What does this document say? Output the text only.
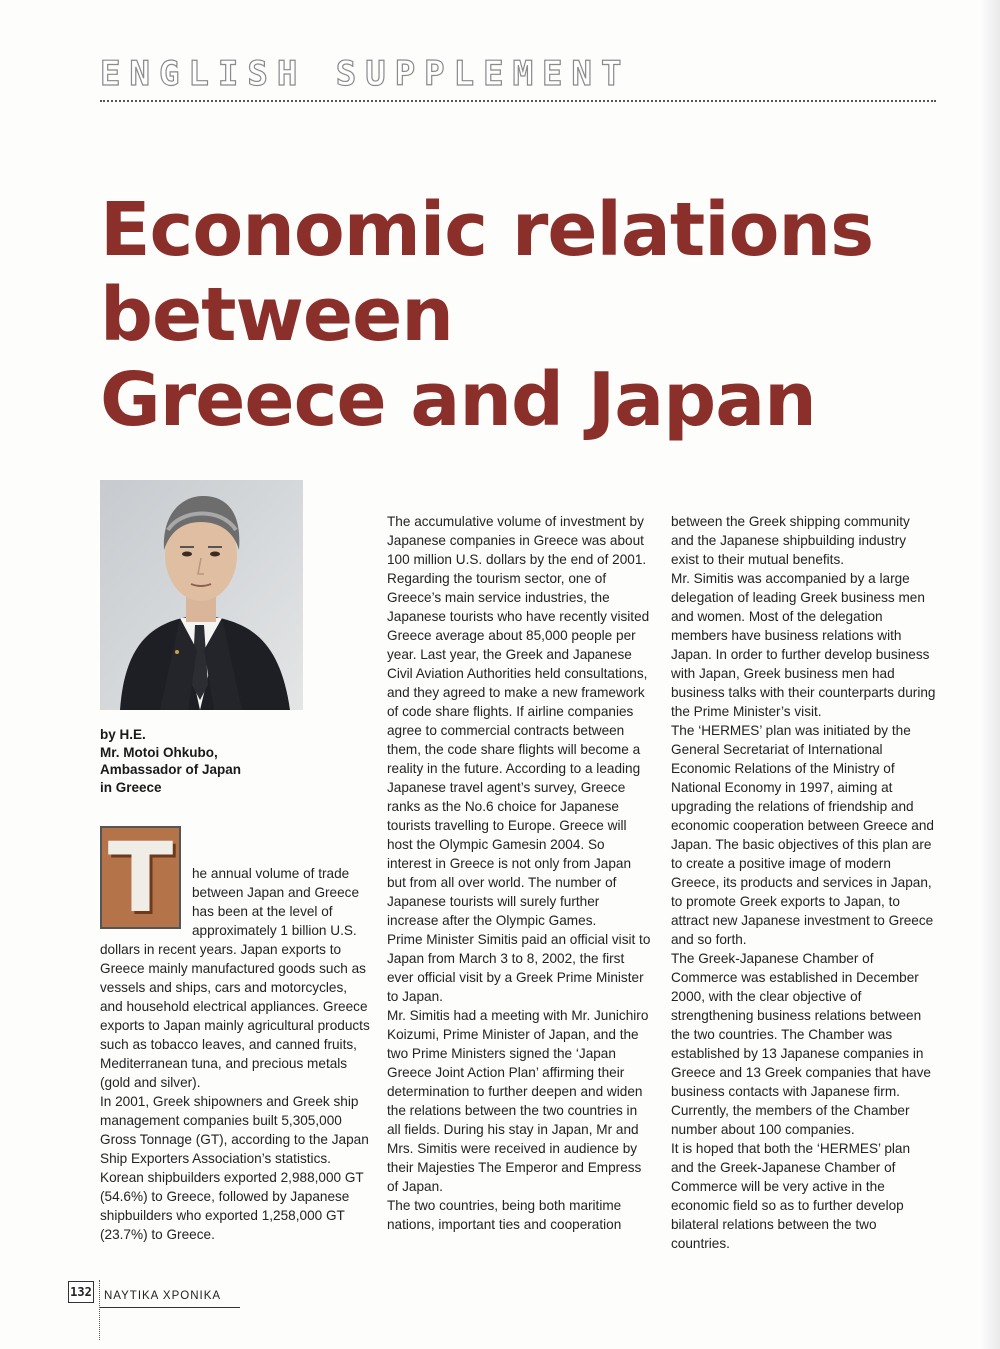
ENGLISH SUPPLEMENT
Economic relations
between
Greece and Japan
by H.E.
Mr. Motoi Ohkubo,
Ambassador of Japan
in Greece
T	he annual volume of trade between Japan and Greece has been at the level of approximately 1 billion U.S.

dollars in recent years. Japan exports to Greece mainly manufactured goods such as vessels and ships, cars and motorcycles, and household electrical appliances. Greece exports to Japan mainly agricultural products such as tobacco leaves, and canned fruits, Mediterranean tuna, and precious metals (gold and silver).

In 2001, Greek shipowners and Greek ship management companies built 5,305,000 Gross Tonnage (GT), according to the Japan Ship Exporters Association’s statistics. Korean shipbuilders exported 2,988,000 GT (54.6%) to Greece, followed by Japanese shipbuilders who exported 1,258,000 GT (23.7%) to Greece.

The accumulative volume of investment by Japanese companies in Greece was about 100 million U.S. dollars by the end of 2001.

Regarding the tourism sector, one of Greece’s main service industries, the Japanese tourists who have recently visited Greece average about 85,000 people per year. Last year, the Greek and Japanese Civil Aviation Authorities held consultations, and they agreed to make a new framework of code share flights. If airline companies agree to commercial contracts between them, the code share flights will become a reality in the future. According to a leading Japanese travel agent’s survey, Greece ranks as the No.6 choice for Japanese tourists travelling to Europe. Greece will host the Olympic Gamesin 2004. So interest in Greece is not only from Japan but from all over world. The number of Japanese tourists will surely further increase after the Olympic Games.

Prime Minister Simitis paid an official visit to Japan from March 3 to 8, 2002, the first ever official visit by a Greek Prime Minister to Japan.

Mr. Simitis had a meeting with Mr. Junichiro Koizumi, Prime Minister of Japan, and the two Prime Ministers signed the ‘Japan Greece Joint Action Plan’ affirming their determination to further deepen and widen the relations between the two countries in all fields. During his stay in Japan, Mr and Mrs. Simitis were received in audience by their Majesties The Emperor and Empress of Japan.

The two countries, being both maritime nations, important ties and cooperation

between the Greek shipping community and the Japanese shipbuilding industry exist to their mutual benefits.

Mr. Simitis was accompanied by a large delegation of leading Greek business men and women. Most of the delegation members have business relations with Japan. In order to further develop business with Japan, Greek business men had business talks with their counterparts during the Prime Minister’s visit.

The ‘HERMES’ plan was initiated by the General Secretariat of International Economic Relations of the Ministry of National Economy in 1997, aiming at upgrading the relations of friendship and economic cooperation between Greece and Japan. The basic objectives of this plan are to create a positive image of modern Greece, its products and services in Japan, to promote Greek exports to Japan, to attract new Japanese investment to Greece and so forth.

The Greek-Japanese Chamber of Commerce was established in December 2000, with the clear objective of strengthening business relations between the two countries. The Chamber was established by 13 Japanese companies in Greece and 13 Greek companies that have business contacts with Japanese firm. Currently, the members of the Chamber number about 100 companies.

It is hoped that both the ‘HERMES’ plan and the Greek-Japanese Chamber of Commerce will be very active in the economic field so as to further develop bilateral relations between the two countries.

132 ΝΑΥΤΙΚΑ ΧΡΟΝΙΚΑ
